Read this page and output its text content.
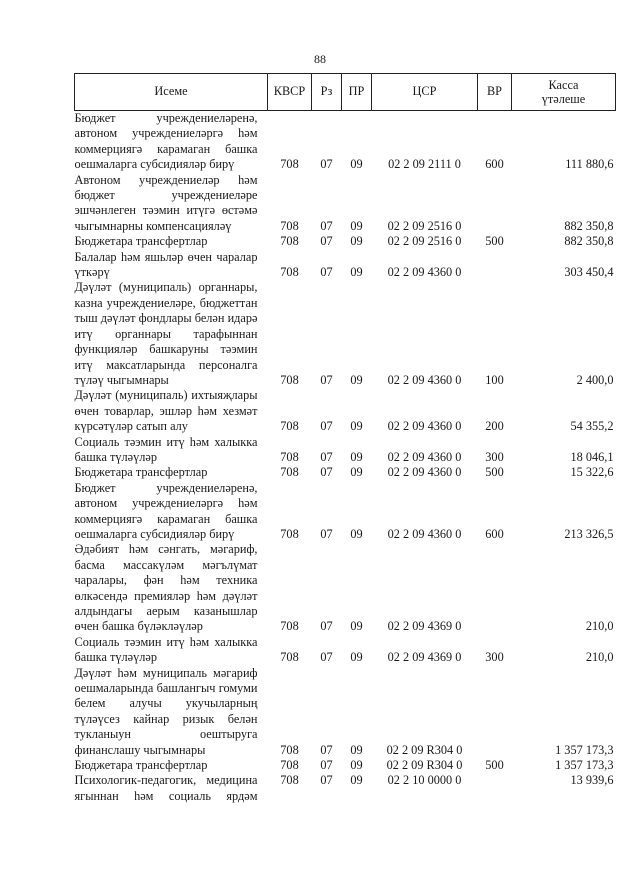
88
Исеме	КВСР	Рз	ПР	ЦСР	ВР	Касса
үтәлеше

Бюджет учреждениеләренә, автоном учреждениеләргә һәм коммерциягә карамаган башка оешмаларга субсидияләр бирү	708	07	09	02 2 09 2111 0	600	111 880,6
Автоном учреждениеләр һәм бюджет учреждениеләре эшчәнлеген тәэмин итүгә өстәмә чыгымнарны компенсацияләү	708	07	09	02 2 09 2516 0		882 350,8
Бюджетара трансфертлар	708	07	09	02 2 09 2516 0	500	882 350,8
Балалар һәм яшьләр өчен чаралар үткәрү	708	07	09	02 2 09 4360 0		303 450,4
Дәүләт (муниципаль) органнары, казна учреждениеләре, бюджеттан тыш дәүләт фондлары белән идарә итү органнары тарафыннан функцияләр башкаруны тәэмин итү максатларында персоналга түләү чыгымнары	708	07	09	02 2 09 4360 0	100	2 400,0
Дәүләт (муниципаль) ихтыяҗлары өчен товарлар, эшләр һәм хезмәт күрсәтүләр сатып алу	708	07	09	02 2 09 4360 0	200	54 355,2
Социаль тәэмин итү һәм халыкка башка түләүләр	708	07	09	02 2 09 4360 0	300	18 046,1
Бюджетара трансфертлар	708	07	09	02 2 09 4360 0	500	15 322,6
Бюджет учреждениеләренә, автоном учреждениеләргә һәм коммерциягә карамаган башка оешмаларга субсидияләр бирү	708	07	09	02 2 09 4360 0	600	213 326,5
Әдәбият һәм сәнгать, мәгариф, басма массакүләм мәгълүмат чаралары, фән һәм техника өлкәсендә премияләр һәм дәүләт алдындагы аерым казанышлар өчен башка бүләкләүләр	708	07	09	02 2 09 4369 0		210,0
Социаль тәэмин итү һәм халыкка башка түләүләр	708	07	09	02 2 09 4369 0	300	210,0
Дәүләт һәм муниципаль мәгариф оешмаларында башлангыч гомуми белем алучы укучыларның түләүсез кайнар ризык белән тукланыун оештыруга финанслашу чыгымнары	708	07	09	02 2 09 R304 0		1 357 173,3
Бюджетара трансфертлар	708	07	09	02 2 09 R304 0	500	1 357 173,3
Психологик-педагогик, медицина ягыннан һәм социаль ярдәм	708	07	09	02 2 10 0000 0		13 939,6
